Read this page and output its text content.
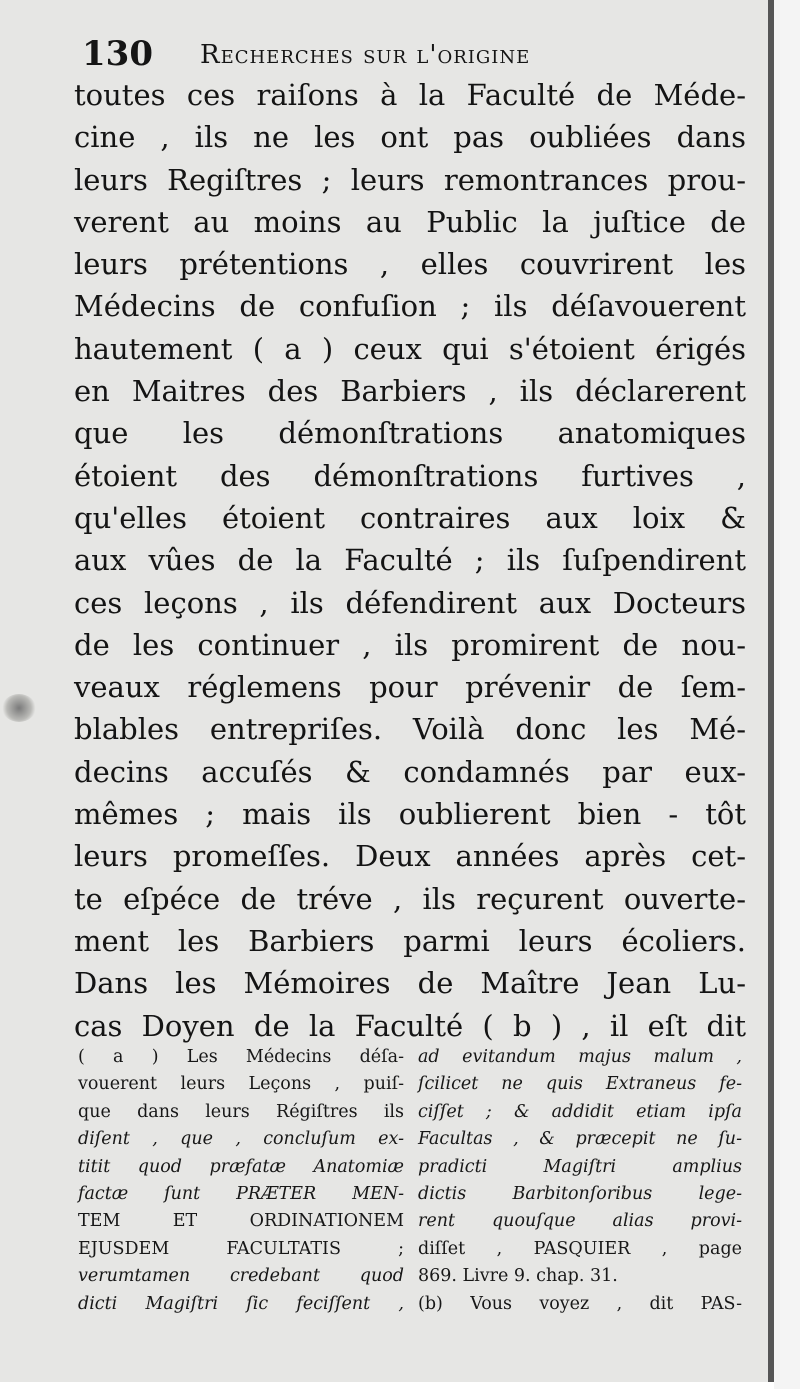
130 Recherches sur l'origine
toutes ces raiſons à la Faculté de Méde-
cine , ils ne les ont pas oubliées dans
leurs Regiſtres ; leurs remontrances prou-
verent au moins au Public la juſtice de
leurs prétentions , elles couvrirent les
Médecins de confuſion ; ils déſavouerent
hautement ( a ) ceux qui s'étoient érigés
en Maitres des Barbiers , ils déclarerent
que les démonſtrations anatomiques
étoient des démonſtrations furtives ,
qu'elles étoient contraires aux loix &
aux vûes de la Faculté ; ils ſuſpendirent
ces leçons , ils défendirent aux Docteurs
de les continuer , ils promirent de nou-
veaux réglemens pour prévenir de ſem-
blables entrepriſes. Voilà donc les Mé-
decins accuſés & condamnés par eux-
mêmes ; mais ils oublierent bien - tôt
leurs promeſſes. Deux années après cet-
te eſpéce de tréve , ils reçurent ouverte-
ment les Barbiers parmi leurs écoliers.
Dans les Mémoires de Maître Jean Lu-
cas Doyen de la Faculté ( b ) , il eſt dit
( a ) Les Médecins déſa-
vouerent leurs Leçons , puiſ-
que dans leurs Régiſtres ils
diſent , que , concluſum ex-
titit quod præfatæ Anatomiæ
factæ ſunt PRÆTER MEN-
TEM ET ORDINATIONEM
EJUSDEM FACULTATIS ;
verumtamen credebant quod
dicti Magiſtri ſic feciſſent ,
ad evitandum majus malum ,
ſcilicet ne quis Extraneus fe-
ciſſet ; & addidit etiam ipſa
Facultas , & præcepit ne ſu-
pradicti Magiſtri amplius
dictis Barbitonſoribus lege-
rent quouſque alias provi-
diſſet , PASQUIER , page
869. Livre 9. chap. 31.
(b) Vous voyez , dit PAS-
